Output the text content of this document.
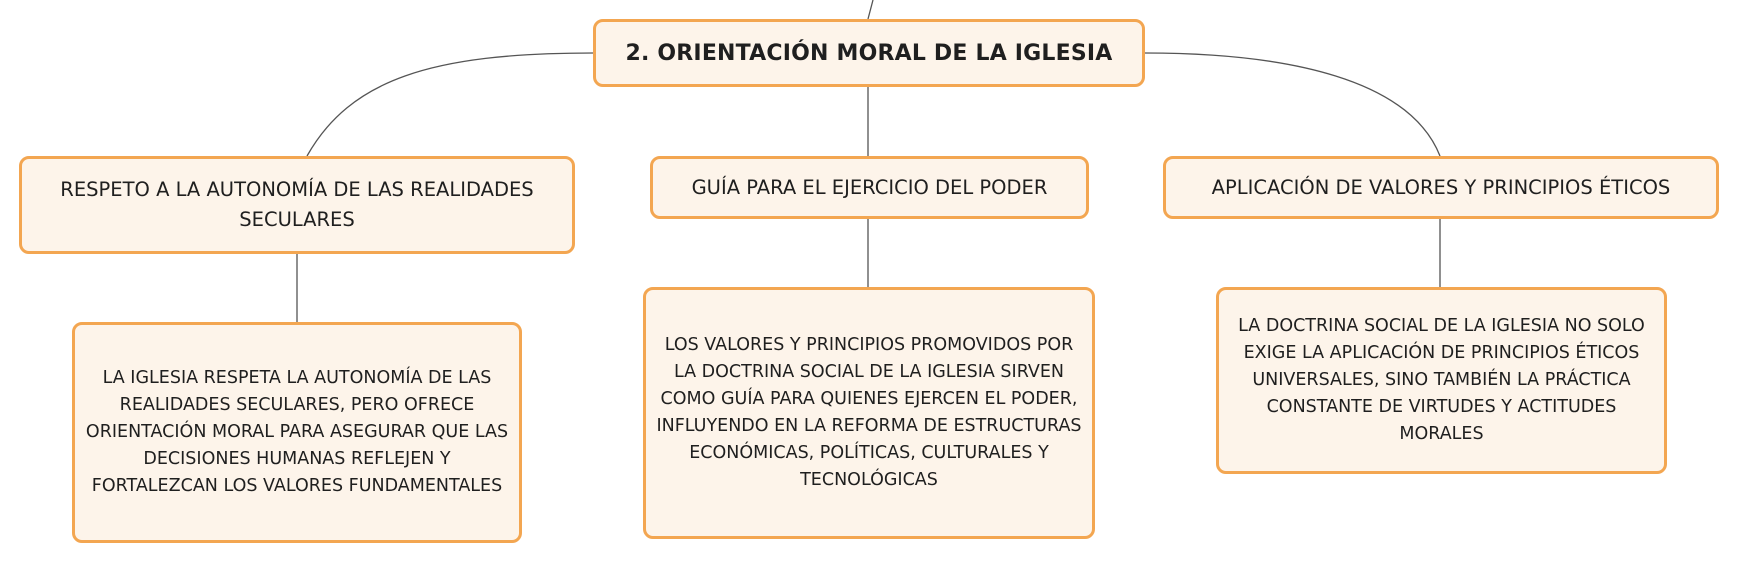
2. ORIENTACIÓN MORAL DE LA IGLESIA
RESPETO A LA AUTONOMÍA DE LAS REALIDADES SECULARES
GUÍA PARA EL EJERCICIO DEL PODER	APLICACIÓN DE VALORES Y PRINCIPIOS ÉTICOS
LA IGLESIA RESPETA LA AUTONOMÍA DE LAS REALIDADES SECULARES, PERO OFRECE ORIENTACIÓN MORAL PARA ASEGURAR QUE LAS DECISIONES HUMANAS REFLEJEN Y FORTALEZCAN LOS VALORES FUNDAMENTALES
LOS VALORES Y PRINCIPIOS PROMOVIDOS POR LA DOCTRINA SOCIAL DE LA IGLESIA SIRVEN COMO GUÍA PARA QUIENES EJERCEN EL PODER, INFLUYENDO EN LA REFORMA DE ESTRUCTURAS ECONÓMICAS, POLÍTICAS, CULTURALES Y TECNOLÓGICAS
LA DOCTRINA SOCIAL DE LA IGLESIA NO SOLO EXIGE LA APLICACIÓN DE PRINCIPIOS ÉTICOS UNIVERSALES, SINO TAMBIÉN LA PRÁCTICA CONSTANTE DE VIRTUDES Y ACTITUDES MORALES
